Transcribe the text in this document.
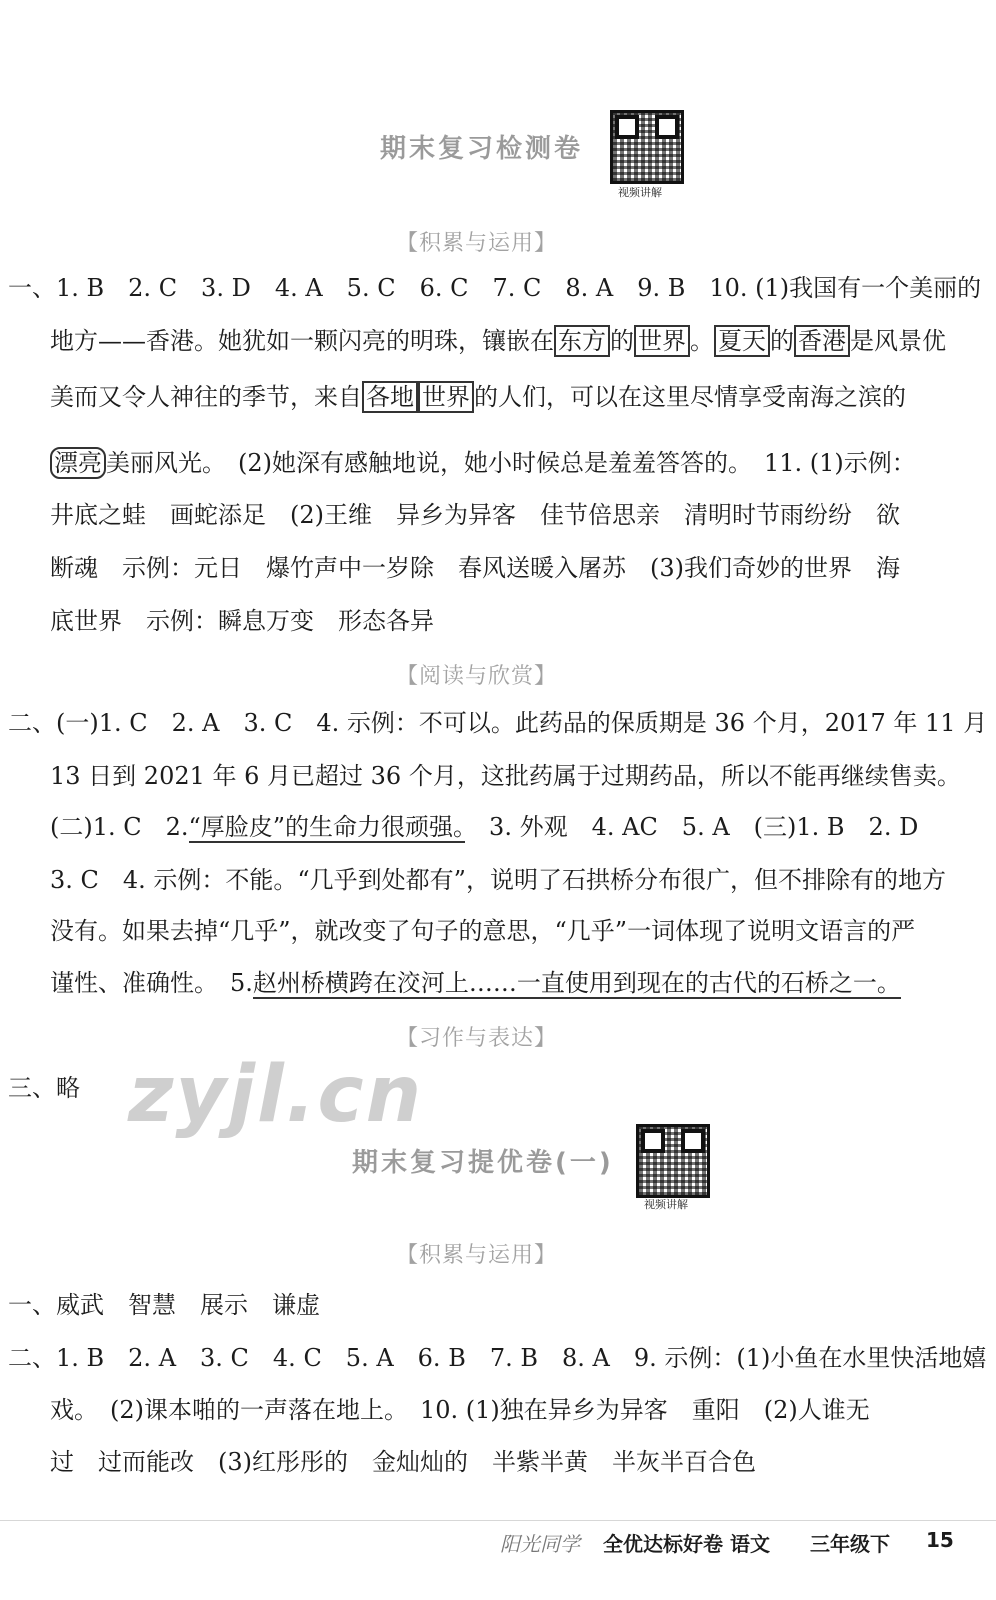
期末复习检测卷
视频讲解
【积累与运用】
一、1. B　2. C　3. D　4. A　5. C　6. C　7. C　8. A　9. B　10. (1)我国有一个美丽的
地方——香港。她犹如一颗闪亮的明珠，镶嵌在 东方 的 世界 。 夏天 的 香港 是风景优
美而又令人神往的季节，来自 各地 世界 的人们，可以在这里尽情享受南海之滨的
漂亮 美丽风光。　(2)她深有感触地说，她小时候总是羞羞答答的。　11. (1)示例：
井底之蛙　画蛇添足　(2)王维　异乡为异客　佳节倍思亲　清明时节雨纷纷　欲
断魂　示例：元日　爆竹声中一岁除　春风送暖入屠苏　(3)我们奇妙的世界　海
底世界　示例：瞬息万变　形态各异
【阅读与欣赏】
二、(一)1. C　2. A　3. C　4. 示例：不可以。此药品的保质期是 36 个月，2017 年 11 月
13 日到 2021 年 6 月已超过 36 个月，这批药属于过期药品，所以不能再继续售卖。
(二)1. C　2.“厚脸皮”的生命力很顽强。　3. 外观　4. AC　5. A　(三)1. B　2. D
3. C　4. 示例：不能。“几乎到处都有”，说明了石拱桥分布很广，但不排除有的地方
没有。如果去掉“几乎”，就改变了句子的意思，“几乎”一词体现了说明文语言的严
谨性、准确性。　5.赵州桥横跨在洨河上……一直使用到现在的古代的石桥之一。
【习作与表达】
三、略 zyjl.cn
期末复习提优卷(一)
视频讲解
【积累与运用】
一、威武　智慧　展示　谦虚
二、1. B　2. A　3. C　4. C　5. A　6. B　7. B　8. A　9. 示例：(1)小鱼在水里快活地嬉
戏。　(2)课本啪的一声落在地上。　10. (1)独在异乡为异客　重阳　(2)人谁无
过　过而能改　(3)红彤彤的　金灿灿的　半紫半黄　半灰半百合色
阳光同学 全优达标好卷 语文 三年级下 15
